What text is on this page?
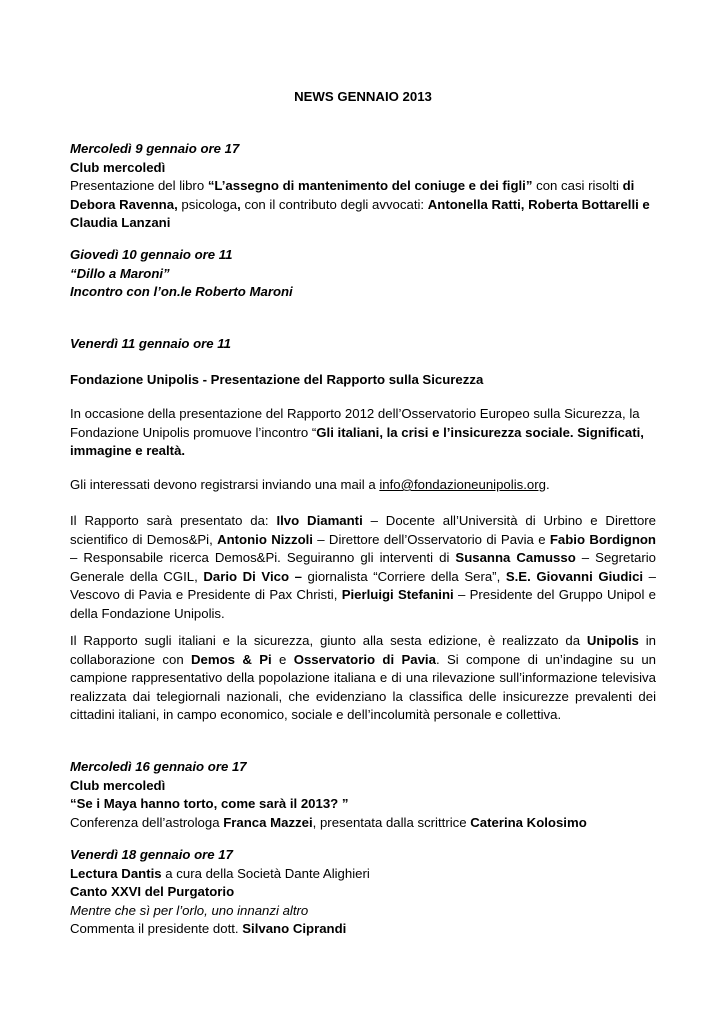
NEWS GENNAIO 2013
Mercoledì 9 gennaio ore 17
Club mercoledì
Presentazione del libro “L’assegno di mantenimento del coniuge e dei figli” con casi risolti di
Debora Ravenna, psicologa, con il contributo degli avvocati: Antonella Ratti, Roberta Bottarelli e
Claudia Lanzani
Giovedì 10 gennaio ore 11
“Dillo a Maroni”
Incontro con l’on.le Roberto Maroni
Venerdì 11 gennaio ore 11
Fondazione Unipolis - Presentazione del Rapporto sulla Sicurezza
In occasione della presentazione del Rapporto 2012 dell’Osservatorio Europeo sulla Sicurezza, la
Fondazione Unipolis promuove l’incontro “Gli italiani, la crisi e l’insicurezza sociale. Significati,
immagine e realtà.
Gli interessati devono registrarsi inviando una mail a info@fondazioneunipolis.org.

Il Rapporto sarà presentato da: Ilvo Diamanti – Docente all’Università di Urbino e Direttore scientifico di Demos&Pi, Antonio Nizzoli – Direttore dell’Osservatorio di Pavia e Fabio Bordignon – Responsabile ricerca Demos&Pi. Seguiranno gli interventi di Susanna Camusso – Segretario Generale della CGIL, Dario Di Vico – giornalista “Corriere della Sera”, S.E. Giovanni Giudici – Vescovo di Pavia e Presidente di Pax Christi, Pierluigi Stefanini – Presidente del Gruppo Unipol e della Fondazione Unipolis.

Il Rapporto sugli italiani e la sicurezza, giunto alla sesta edizione, è realizzato da Unipolis in collaborazione con Demos & Pi e Osservatorio di Pavia. Si compone di un’indagine su un campione rappresentativo della popolazione italiana e di una rilevazione sull’informazione televisiva realizzata dai telegiornali nazionali, che evidenziano la classifica delle insicurezze prevalenti dei cittadini italiani, in campo economico, sociale e dell’incolumità personale e collettiva.

Mercoledì 16 gennaio ore 17
Club mercoledì
“Se i Maya hanno torto, come sarà il 2013? ”
Conferenza dell’astrologa Franca Mazzei, presentata dalla scrittrice Caterina Kolosimo
Venerdì 18 gennaio ore 17
Lectura Dantis a cura della Società Dante Alighieri
Canto XXVI del Purgatorio
Mentre che sì per l’orlo, uno innanzi altro
Commenta il presidente dott. Silvano Ciprandi
